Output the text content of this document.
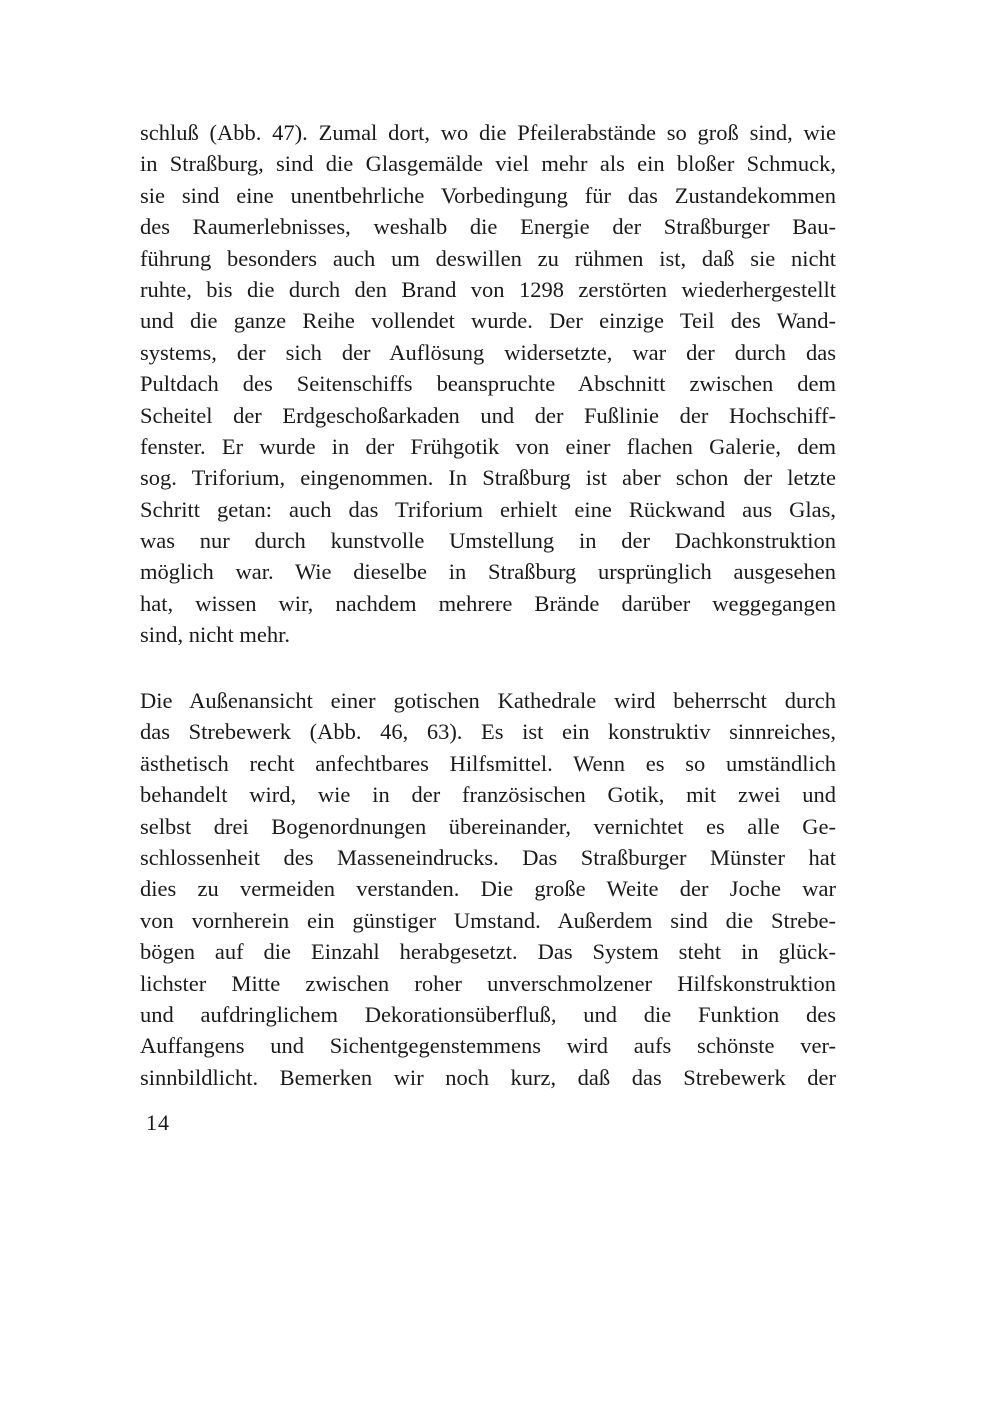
schluß (Abb. 47). Zumal dort, wo die Pfeilerabstände so groß sind, wie
in Straßburg, sind die Glasgemälde viel mehr als ein bloßer Schmuck,
sie sind eine unentbehrliche Vorbedingung für das Zustandekommen
des Raumerlebnisses, weshalb die Energie der Straßburger Bau-
führung besonders auch um deswillen zu rühmen ist, daß sie nicht
ruhte, bis die durch den Brand von 1298 zerstörten wiederhergestellt
und die ganze Reihe vollendet wurde. Der einzige Teil des Wand-
systems, der sich der Auflösung widersetzte, war der durch das
Pultdach des Seitenschiffs beanspruchte Abschnitt zwischen dem
Scheitel der Erdgeschoßarkaden und der Fußlinie der Hochschiff-
fenster. Er wurde in der Frühgotik von einer flachen Galerie, dem
sog. Triforium, eingenommen. In Straßburg ist aber schon der letzte
Schritt getan: auch das Triforium erhielt eine Rückwand aus Glas,
was nur durch kunstvolle Umstellung in der Dachkonstruktion
möglich war. Wie dieselbe in Straßburg ursprünglich ausgesehen
hat, wissen wir, nachdem mehrere Brände darüber weggegangen
sind, nicht mehr.
Die Außenansicht einer gotischen Kathedrale wird beherrscht durch
das Strebewerk (Abb. 46, 63). Es ist ein konstruktiv sinnreiches,
ästhetisch recht anfechtbares Hilfsmittel. Wenn es so umständlich
behandelt wird, wie in der französischen Gotik, mit zwei und
selbst drei Bogenordnungen übereinander, vernichtet es alle Ge-
schlossenheit des Masseneindrucks. Das Straßburger Münster hat
dies zu vermeiden verstanden. Die große Weite der Joche war
von vornherein ein günstiger Umstand. Außerdem sind die Strebe-
bögen auf die Einzahl herabgesetzt. Das System steht in glück-
lichster Mitte zwischen roher unverschmolzener Hilfskonstruktion
und aufdringlichem Dekorationsüberfluß, und die Funktion des
Auffangens und Sichentgegenstemmens wird aufs schönste ver-
sinnbildlicht. Bemerken wir noch kurz, daß das Strebewerk der
14
